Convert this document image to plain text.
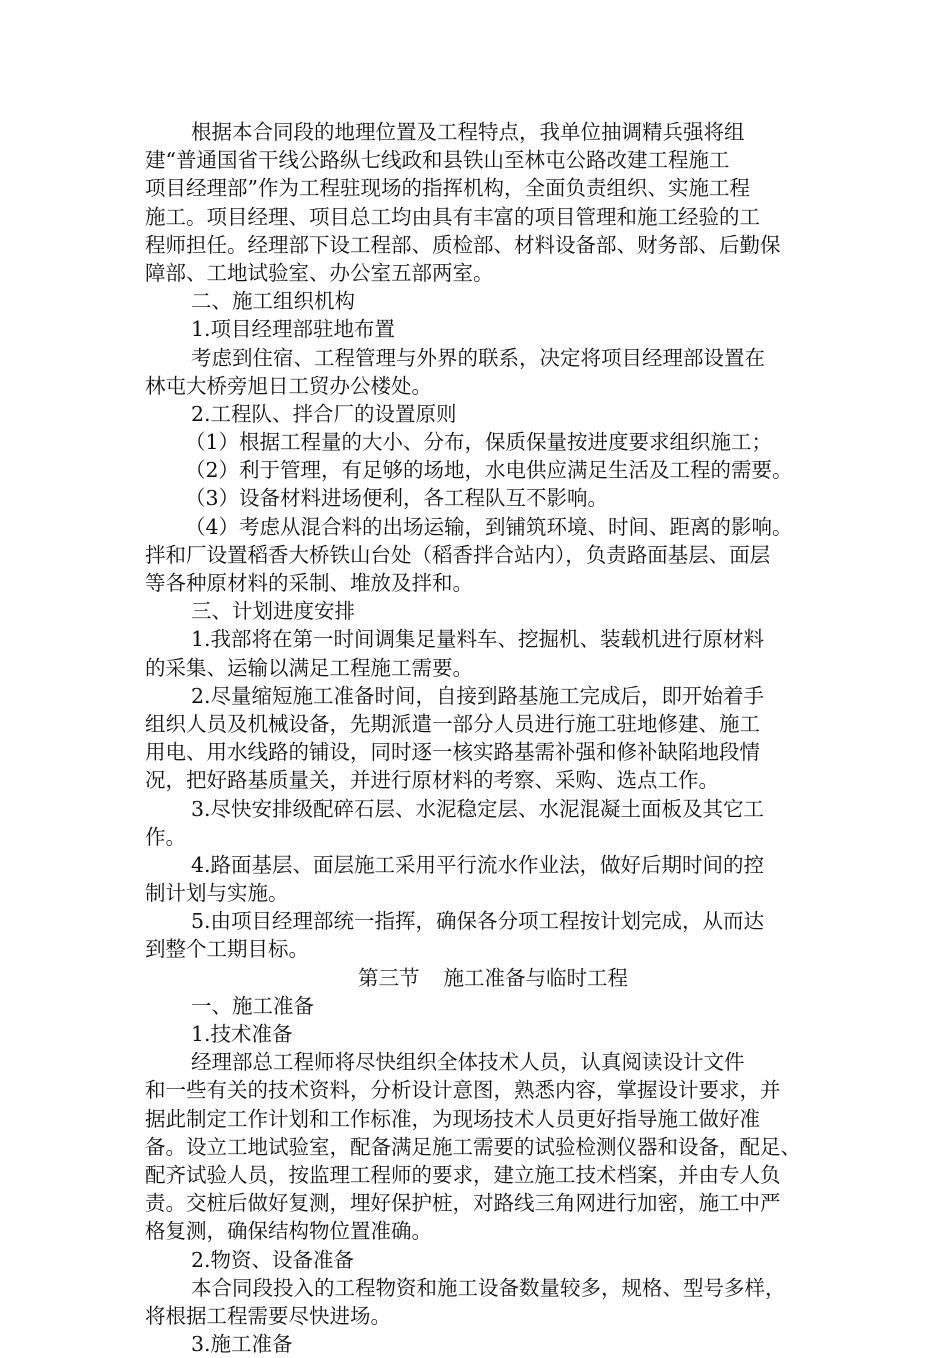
根据本合同段的地理位置及工程特点，我单位抽调精兵强将组
建“普通国省干线公路纵七线政和县铁山至林屯公路改建工程施工
项目经理部”作为工程驻现场的指挥机构，全面负责组织、实施工程
施工。项目经理、项目总工均由具有丰富的项目管理和施工经验的工
程师担任。经理部下设工程部、质检部、材料设备部、财务部、后勤保
障部、工地试验室、办公室五部两室。
二、施工组织机构
1.项目经理部驻地布置
考虑到住宿、工程管理与外界的联系，决定将项目经理部设置在
林屯大桥旁旭日工贸办公楼处。
2.工程队、拌合厂的设置原则
（1）根据工程量的大小、分布，保质保量按进度要求组织施工；
（2）利于管理，有足够的场地，水电供应满足生活及工程的需要。
（3）设备材料进场便利，各工程队互不影响。
（4）考虑从混合料的出场运输，到铺筑环境、时间、距离的影响。
拌和厂设置稻香大桥铁山台处（稻香拌合站内），负责路面基层、面层
等各种原材料的采制、堆放及拌和。
三、计划进度安排
1.我部将在第一时间调集足量料车、挖掘机、装载机进行原材料
的采集、运输以满足工程施工需要。
2.尽量缩短施工准备时间，自接到路基施工完成后，即开始着手
组织人员及机械设备，先期派遣一部分人员进行施工驻地修建、施工
用电、用水线路的铺设，同时逐一核实路基需补强和修补缺陷地段情
况，把好路基质量关，并进行原材料的考察、采购、选点工作。
3.尽快安排级配碎石层、水泥稳定层、水泥混凝土面板及其它工
作。
4.路面基层、面层施工采用平行流水作业法，做好后期时间的控
制计划与实施。
5.由项目经理部统一指挥，确保各分项工程按计划完成，从而达
到整个工期目标。
第三节 施工准备与临时工程
一、施工准备
1.技术准备
经理部总工程师将尽快组织全体技术人员，认真阅读设计文件
和一些有关的技术资料，分析设计意图，熟悉内容，掌握设计要求，并
据此制定工作计划和工作标准，为现场技术人员更好指导施工做好准
备。设立工地试验室，配备满足施工需要的试验检测仪器和设备，配足、
配齐试验人员，按监理工程师的要求，建立施工技术档案，并由专人负
责。交桩后做好复测，埋好保护桩，对路线三角网进行加密，施工中严
格复测，确保结构物位置准确。
2.物资、设备准备
本合同段投入的工程物资和施工设备数量较多，规格、型号多样，
将根据工程需要尽快进场。
3.施工准备
